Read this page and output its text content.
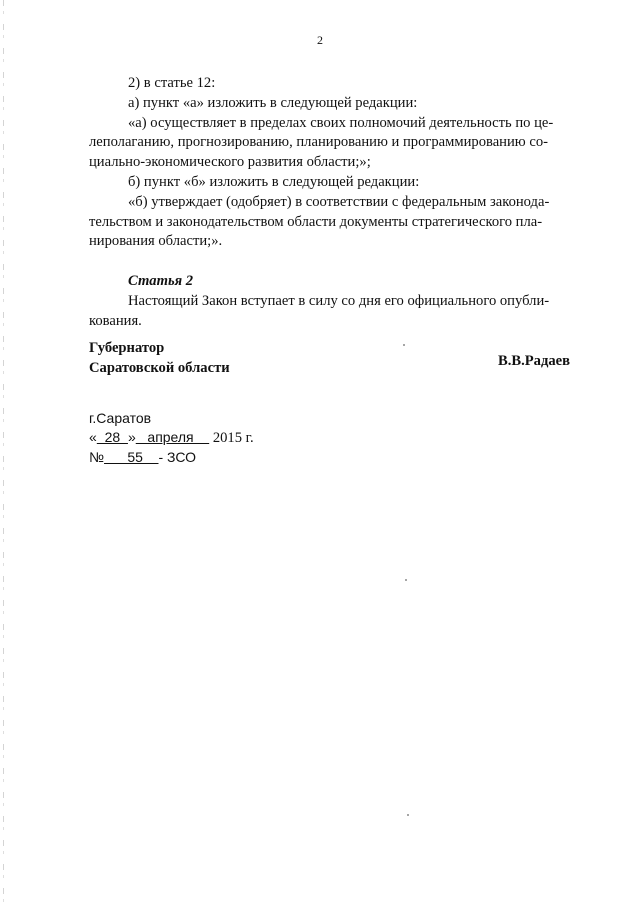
2

2) в статье 12:

а) пункт «а» изложить в следующей редакции:

«а) осуществляет в пределах своих полномочий деятельность по це-
леполаганию, прогнозированию, планированию и программированию со-
циально-экономического развития области;»;

б) пункт «б» изложить в следующей редакции:

«б) утверждает (одобряет) в соответствии с федеральным законода-
тельством и законодательством области документы стратегического пла-
нирования области;».

Статья 2

Настоящий Закон вступает в силу со дня его официального опубли-
кования.

Губернатор
Саратовской области	В.В.Радаев
г.Саратов
«  28  »   апреля     2015 г.
№      55    - ЗСО
